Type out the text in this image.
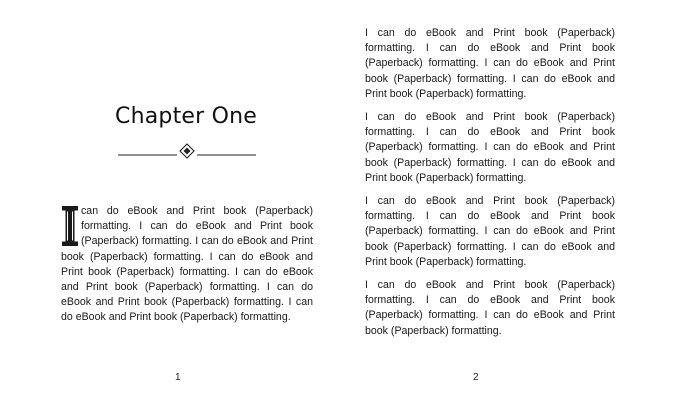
Chapter One
can do eBook and Print book (Paperback) formatting. I can do eBook and Print book (Paperback) formatting. I can do eBook and Print book (Paperback) formatting. I can do eBook and Print book (Paperback) formatting. I can do eBook and Print book (Paperback) formatting. I can do eBook and Print book (Paperback) formatting. I can do eBook and Print book (Paperback) formatting.
1
I can do eBook and Print book (Paperback) formatting. I can do eBook and Print book (Paperback) formatting. I can do eBook and Print book (Paperback) formatting. I can do eBook and Print book (Paperback) formatting.
I can do eBook and Print book (Paperback) formatting. I can do eBook and Print book (Paperback) formatting. I can do eBook and Print book (Paperback) formatting. I can do eBook and Print book (Paperback) formatting.
I can do eBook and Print book (Paperback) formatting. I can do eBook and Print book (Paperback) formatting. I can do eBook and Print book (Paperback) formatting. I can do eBook and Print book (Paperback) formatting.
I can do eBook and Print book (Paperback) formatting. I can do eBook and Print book (Paperback) formatting. I can do eBook and Print book (Paperback) formatting.
2
